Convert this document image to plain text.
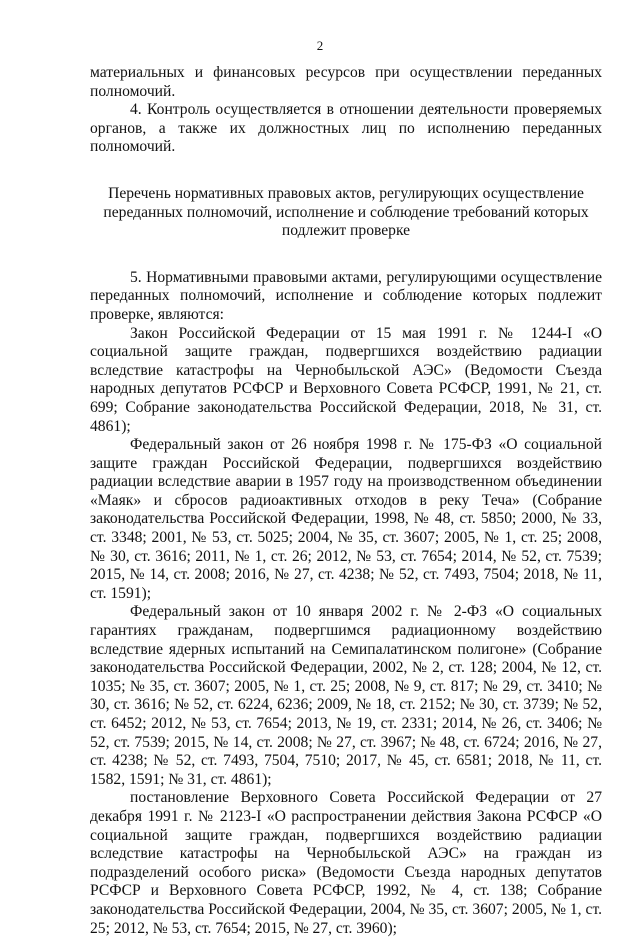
2

материальных и финансовых ресурсов при осуществлении переданных полномочий.

4. Контроль осуществляется в отношении деятельности проверяемых органов, а также их должностных лиц по исполнению переданных полномочий.

Перечень нормативных правовых актов, регулирующих осуществление переданных полномочий, исполнение и соблюдение требований которых подлежит проверке

5. Нормативными правовыми актами, регулирующими осуществление переданных полномочий, исполнение и соблюдение которых подлежит проверке, являются:

Закон Российской Федерации от 15 мая 1991 г. № 1244-I «О социальной защите граждан, подвергшихся воздействию радиации вследствие катастрофы на Чернобыльской АЭС» (Ведомости Съезда народных депутатов РСФСР и Верховного Совета РСФСР, 1991, № 21, ст. 699; Собрание законодательства Российской Федерации, 2018, № 31, ст. 4861);

Федеральный закон от 26 ноября 1998 г. № 175-ФЗ «О социальной защите граждан Российской Федерации, подвергшихся воздействию радиации вследствие аварии в 1957 году на производственном объединении «Маяк» и сбросов радиоактивных отходов в реку Теча» (Собрание законодательства Российской Федерации, 1998, № 48, ст. 5850; 2000, № 33, ст. 3348; 2001, № 53, ст. 5025; 2004, № 35, ст. 3607; 2005, № 1, ст. 25; 2008, № 30, ст. 3616; 2011, № 1, ст. 26; 2012, № 53, ст. 7654; 2014, № 52, ст. 7539; 2015, № 14, ст. 2008; 2016, № 27, ст. 4238; № 52, ст. 7493, 7504; 2018, № 11, ст. 1591);

Федеральный закон от 10 января 2002 г. № 2-ФЗ «О социальных гарантиях гражданам, подвергшимся радиационному воздействию вследствие ядерных испытаний на Семипалатинском полигоне» (Собрание законодательства Российской Федерации, 2002, № 2, ст. 128; 2004, № 12, ст. 1035; № 35, ст. 3607; 2005, № 1, ст. 25; 2008, № 9, ст. 817; № 29, ст. 3410; № 30, ст. 3616; № 52, ст. 6224, 6236; 2009, № 18, ст. 2152; № 30, ст. 3739; № 52, ст. 6452; 2012, № 53, ст. 7654; 2013, № 19, ст. 2331; 2014, № 26, ст. 3406; № 52, ст. 7539; 2015, № 14, ст. 2008; № 27, ст. 3967; № 48, ст. 6724; 2016, № 27, ст. 4238; № 52, ст. 7493, 7504, 7510; 2017, № 45, ст. 6581; 2018, № 11, ст. 1582, 1591; № 31, ст. 4861);

постановление Верховного Совета Российской Федерации от 27 декабря 1991 г. № 2123-I «О распространении действия Закона РСФСР «О социальной защите граждан, подвергшихся воздействию радиации вследствие катастрофы на Чернобыльской АЭС» на граждан из подразделений особого риска» (Ведомости Съезда народных депутатов РСФСР и Верховного Совета РСФСР, 1992, № 4, ст. 138; Собрание законодательства Российской Федерации, 2004, № 35, ст. 3607; 2005, № 1, ст. 25; 2012, № 53, ст. 7654; 2015, № 27, ст. 3960);
